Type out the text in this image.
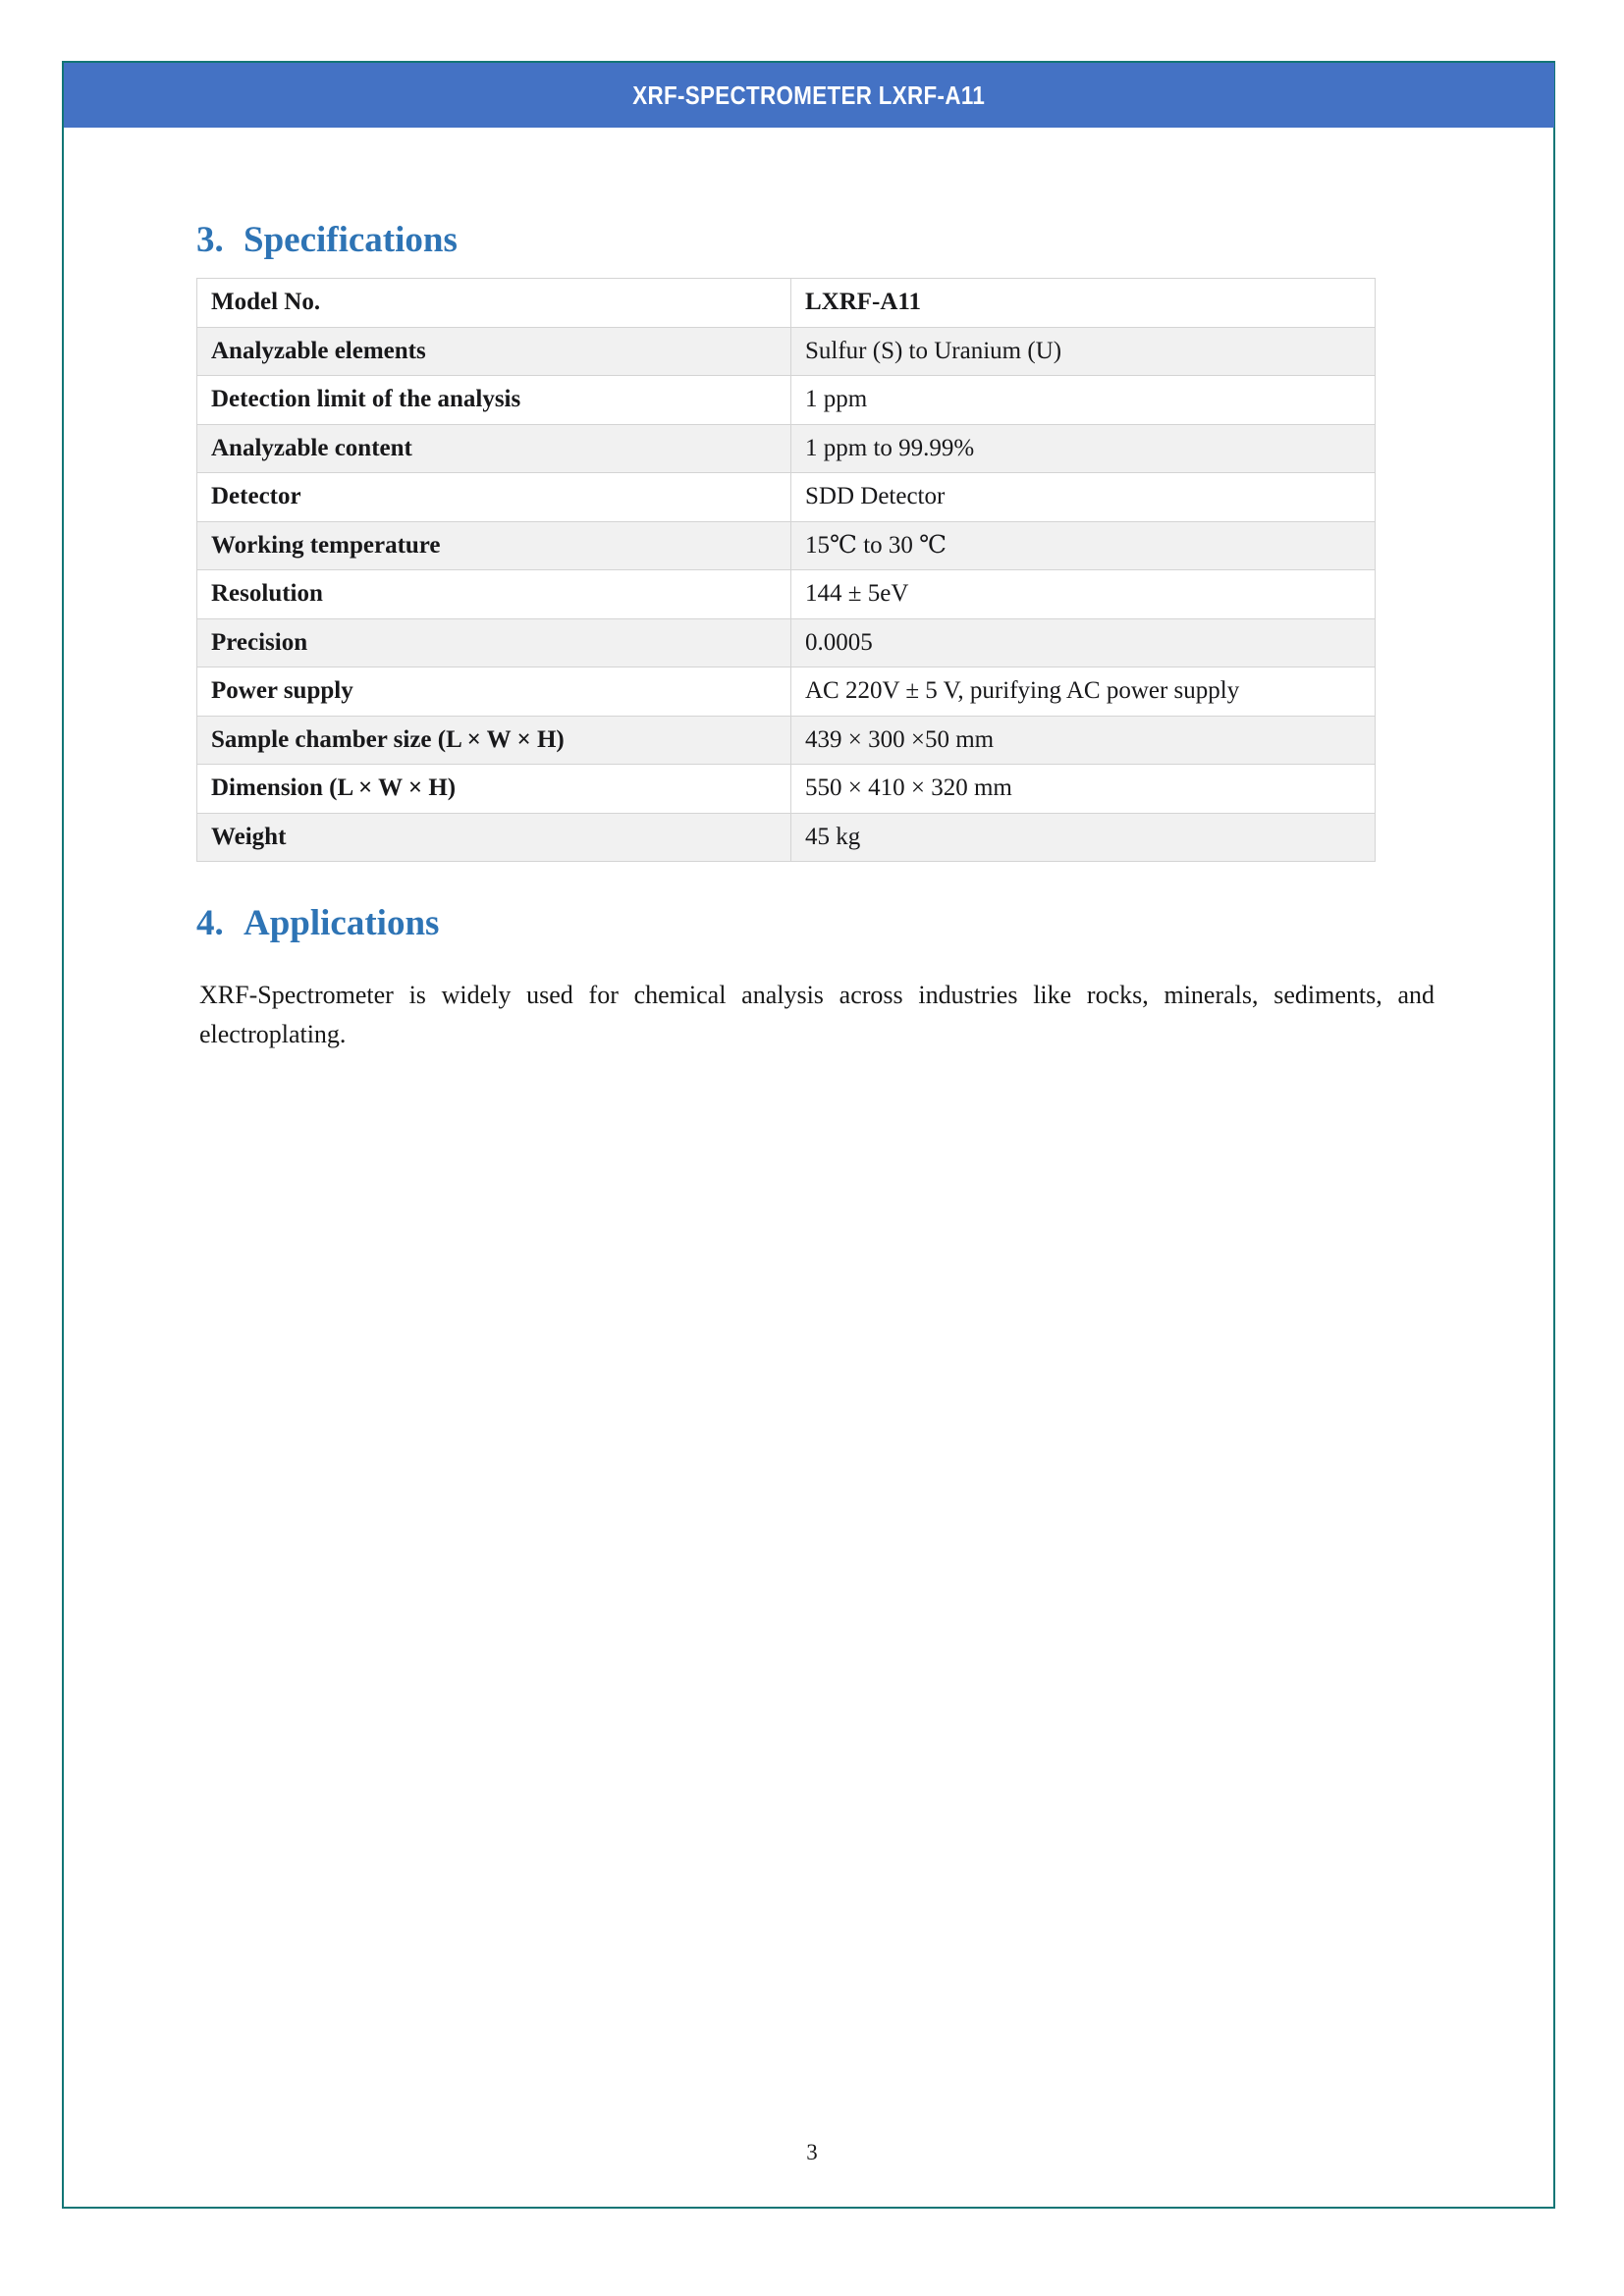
XRF-SPECTROMETER LXRF-A11
3. Specifications
Model No.	LXRF-A11
Analyzable elements	Sulfur (S) to Uranium (U)
Detection limit of the analysis	1 ppm
Analyzable content	1 ppm to 99.99%
Detector	SDD Detector
Working temperature	15℃ to 30 ℃
Resolution	144 ± 5eV
Precision	0.0005
Power supply	AC 220V ± 5 V, purifying AC power supply
Sample chamber size (L × W × H)	439 × 300 ×50 mm
Dimension (L × W × H)	550 × 410 × 320 mm
Weight	45 kg
4. Applications

XRF-Spectrometer is widely used for chemical analysis across industries like rocks, minerals, sediments, and electroplating.

3
